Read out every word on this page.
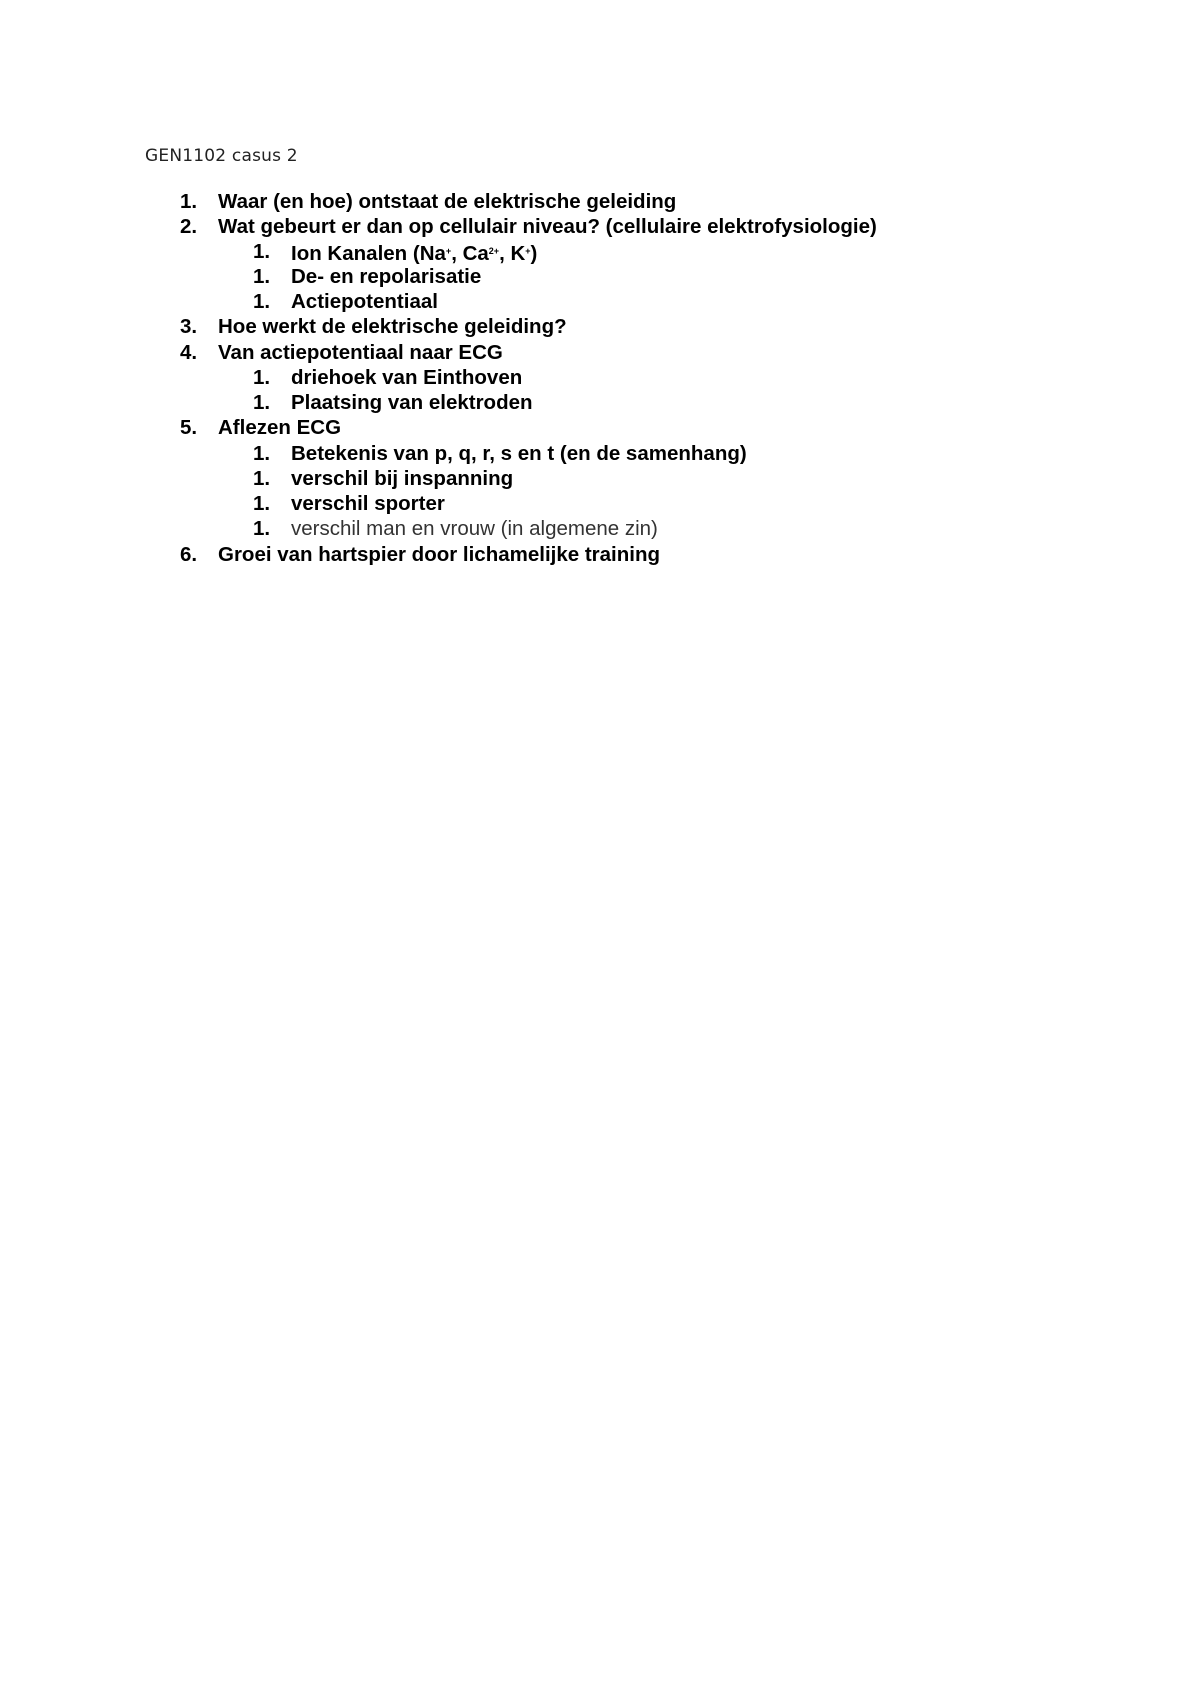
GEN1102 casus 2
1. Waar (en hoe) ontstaat de elektrische geleiding
2. Wat gebeurt er dan op cellulair niveau? (cellulaire elektrofysiologie)
1. Ion Kanalen (Na+, $Ca^{2+}$, K+)
1. De- en repolarisatie
1. Actiepotentiaal
3. Hoe werkt de elektrische geleiding?
4. Van actiepotentiaal naar ECG
1. driehoek van Einthoven
1. Plaatsing van elektroden
5. Aflezen ECG
1. Betekenis van p, q, r, s en t (en de samenhang)
1. verschil bij inspanning
1. verschil sporter
1. verschil man en vrouw (in algemene zin)
6. Groei van hartspier door lichamelijke training
